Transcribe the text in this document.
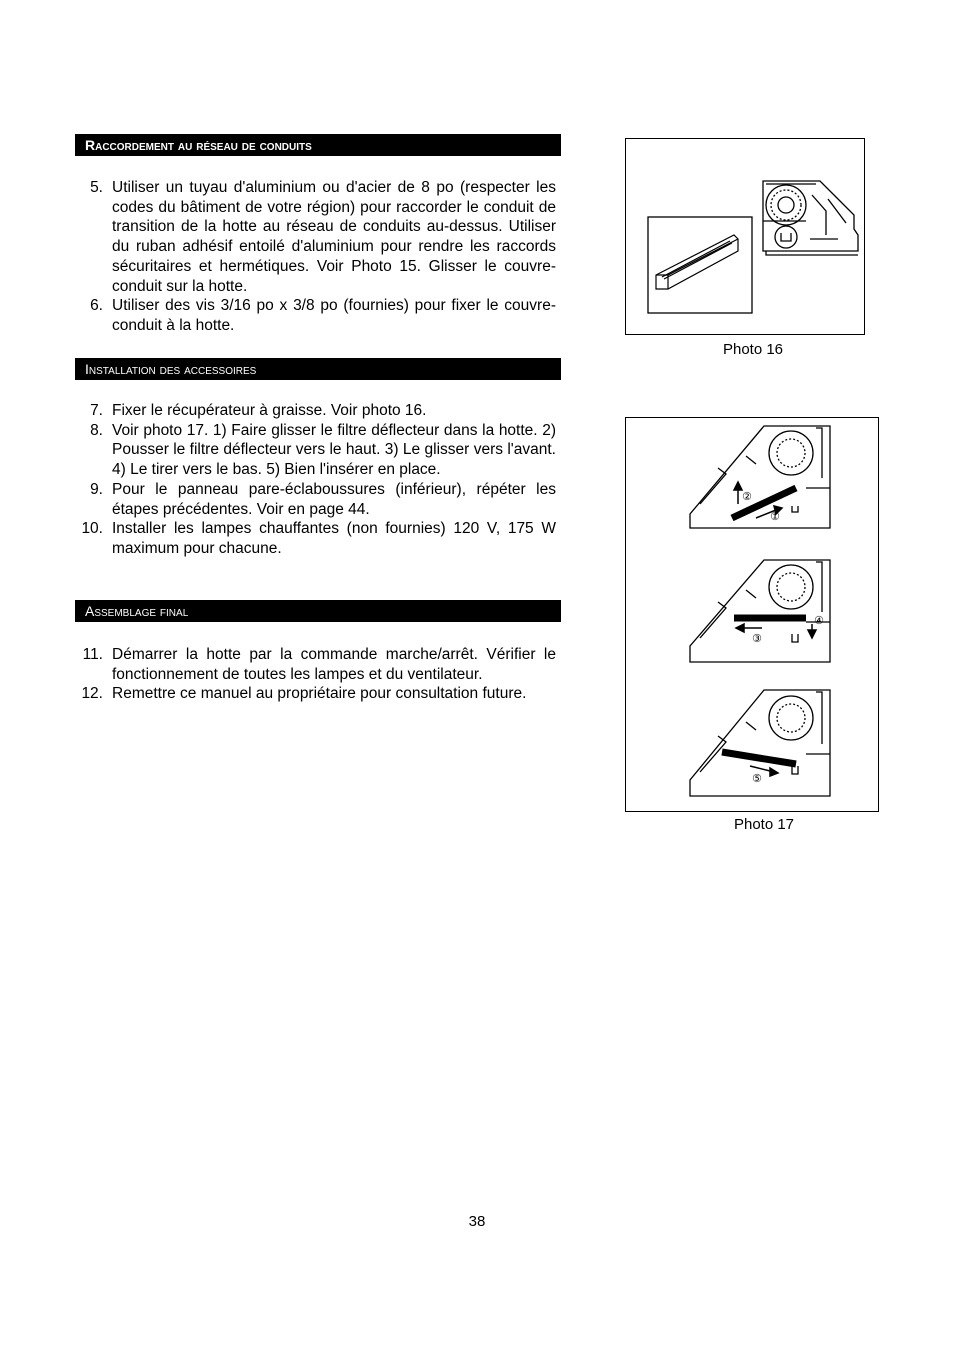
Raccordement au réseau de conduits
5. Utiliser un tuyau d'aluminium ou d'acier de 8 po (respecter les codes du bâtiment de votre région) pour raccorder le conduit de transition de la hotte au réseau de conduits au-dessus. Utiliser du ruban adhésif entoilé d'aluminium pour rendre les raccords sécuritaires et hermétiques. Voir Photo 15. Glisser le couvre-conduit sur la hotte.
6. Utiliser des vis 3/16 po x 3/8 po (fournies) pour fixer le couvre-conduit à la hotte.
Installation des accessoires
7. Fixer le récupérateur à graisse. Voir photo 16.
8. Voir photo 17. 1) Faire glisser le filtre déflecteur dans la hotte. 2) Pousser le filtre déflecteur vers le haut. 3) Le glisser vers l'avant. 4) Le tirer vers le bas. 5) Bien l'insérer en place.
9. Pour le panneau pare-éclaboussures (inférieur), répéter les étapes précédentes. Voir en page 44.
10. Installer les lampes chauffantes (non fournies) 120 V, 175 W maximum pour chacune.
Assemblage final
11. Démarrer la hotte par la commande marche/arrêt. Vérifier le fonctionnement de toutes les lampes et du ventilateur.
12. Remettre ce manuel au propriétaire pour consultation future.
Photo 16
②
①
④
③
⑤
Photo 17
38
